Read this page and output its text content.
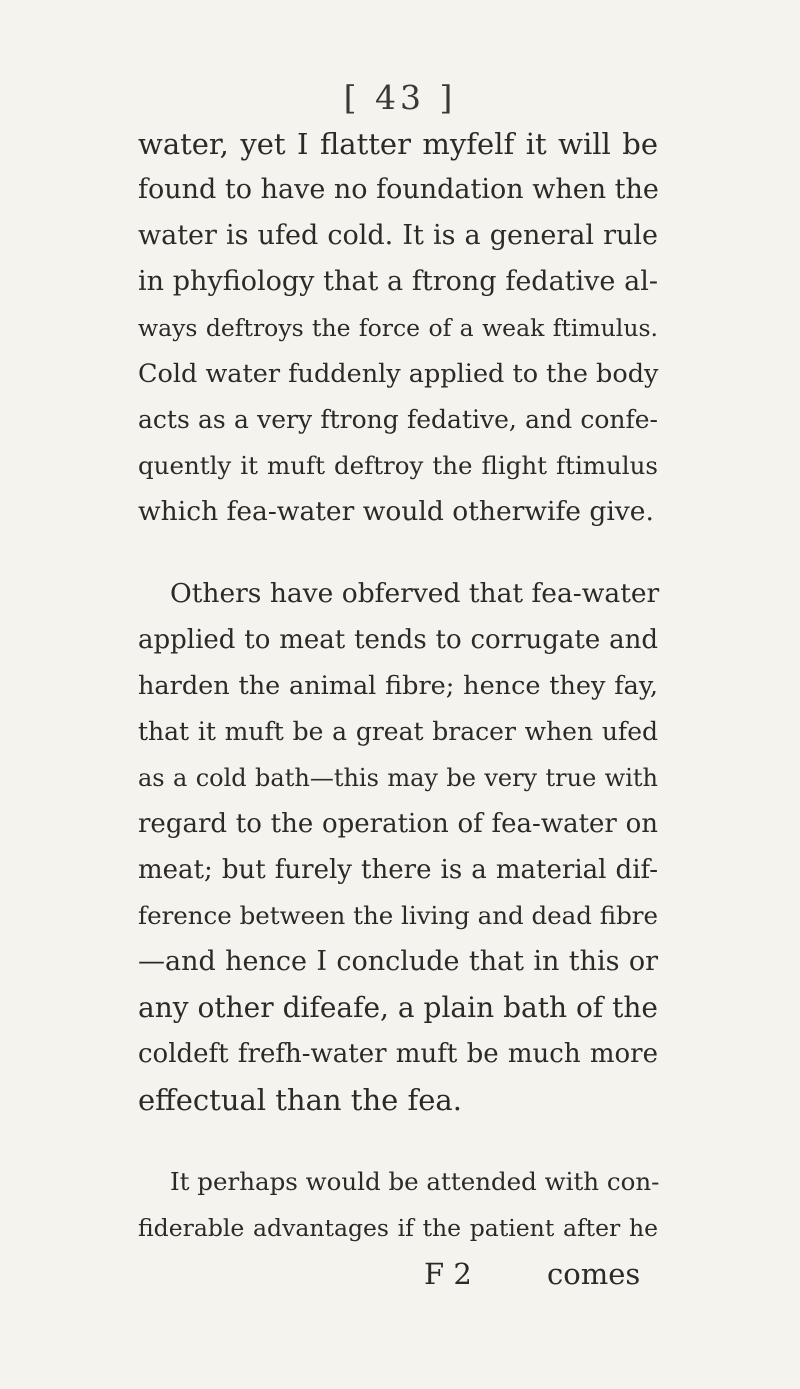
[ 43 ]
water, yet I flatter myfelf it will be
found to have no foundation when the
water is ufed cold. It is a general rule
in phyfiology that a ftrong fedative al-
ways deftroys the force of a weak ftimulus.
Cold water fuddenly applied to the body
acts as a very ftrong fedative, and confe-
quently it muft deftroy the flight ftimulus
which fea-water would otherwife give.
Others have obferved that fea-water
applied to meat tends to corrugate and
harden the animal fibre; hence they fay,
that it muft be a great bracer when ufed
as a cold bath—this may be very true with
regard to the operation of fea-water on
meat; but furely there is a material dif-
ference between the living and dead fibre
—and hence I conclude that in this or
any other difeafe, a plain bath of the
coldeft frefh-water muft be much more
effectual than the fea.
It perhaps would be attended with con-
fiderable advantages if the patient after he
F 2	comes
